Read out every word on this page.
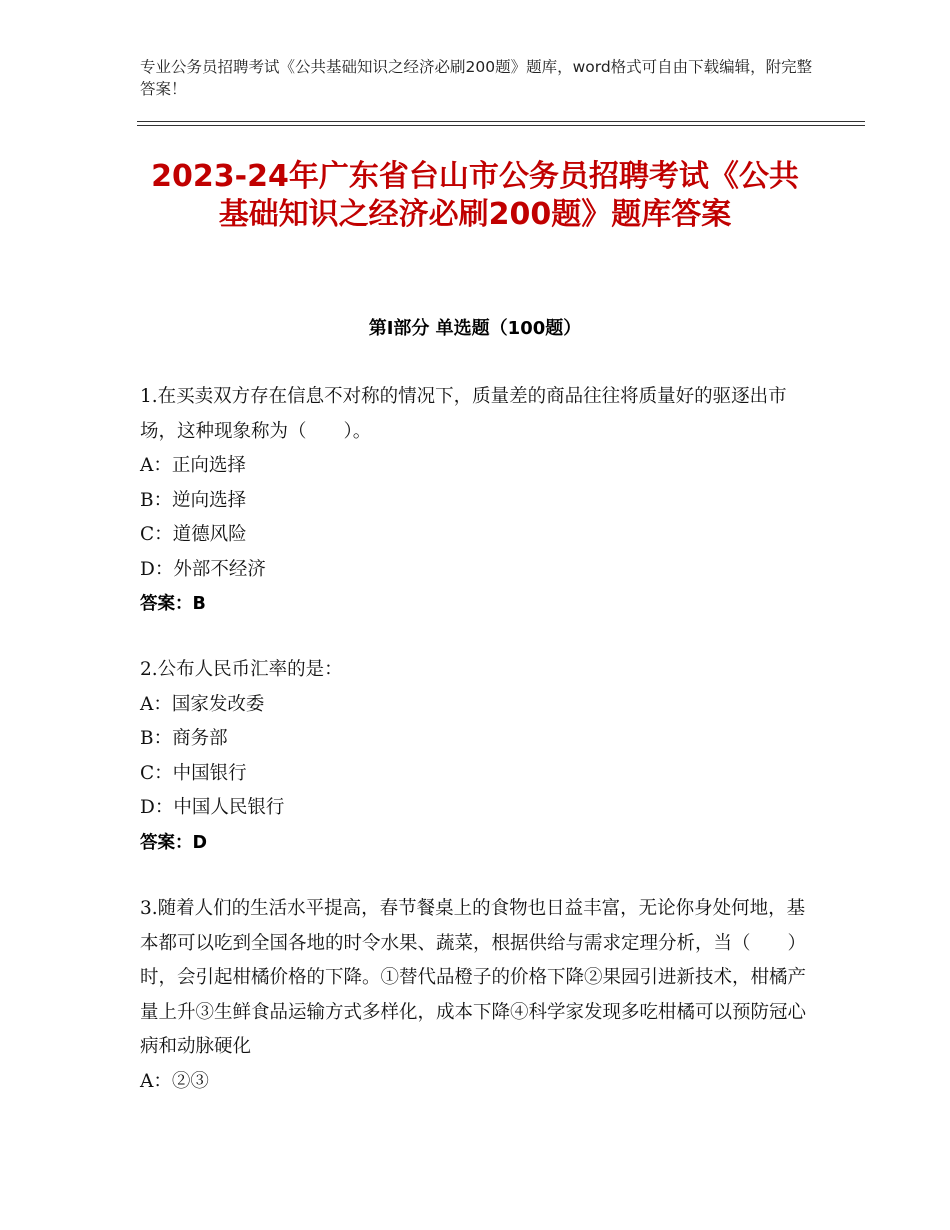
专业公务员招聘考试《公共基础知识之经济必刷200题》题库，word格式可自由下载编辑，附完整答案！
2023-24年广东省台山市公务员招聘考试《公共基础知识之经济必刷200题》题库答案
第Ⅰ部分 单选题（100题）
1.在买卖双方存在信息不对称的情况下，质量差的商品往往将质量好的驱逐出市场，这种现象称为（　　）。
A：正向选择
B：逆向选择
C：道德风险
D：外部不经济
答案：B
2.公布人民币汇率的是：
A：国家发改委
B：商务部
C：中国银行
D：中国人民银行
答案：D
3.随着人们的生活水平提高，春节餐桌上的食物也日益丰富，无论你身处何地，基本都可以吃到全国各地的时令水果、蔬菜，根据供给与需求定理分析，当（　　）时，会引起柑橘价格的下降。①替代品橙子的价格下降②果园引进新技术，柑橘产量上升③生鲜食品运输方式多样化，成本下降④科学家发现多吃柑橘可以预防冠心病和动脉硬化
A：②③
